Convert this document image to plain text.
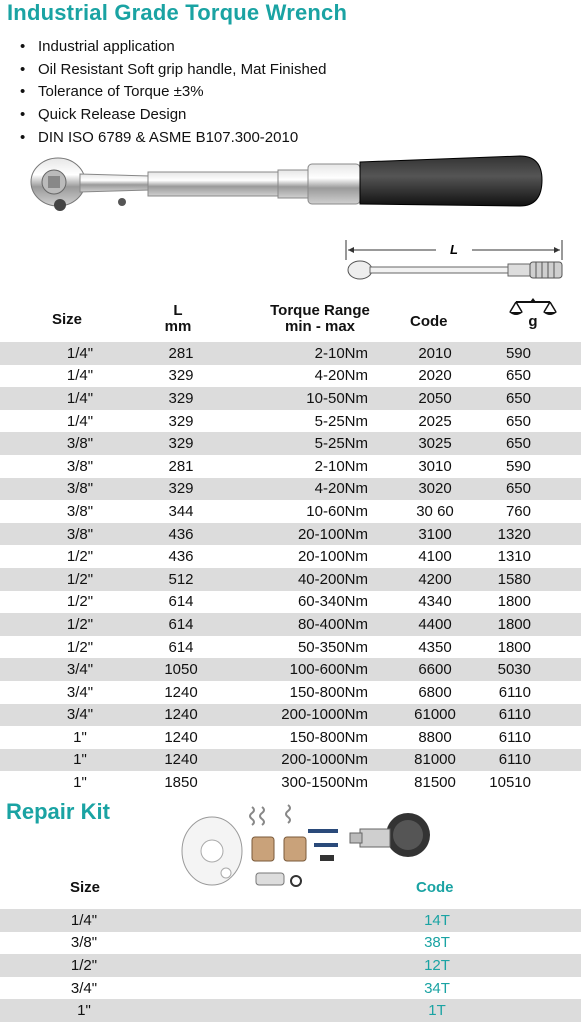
Industrial Grade Torque Wrench
• Industrial application
• Oil Resistant Soft grip handle, Mat Finished
• Tolerance of Torque ±3%
• Quick Release Design
• DIN ISO 6789 & ASME B107.300-2010
L
Size
L
mm
Torque Range
min - max	Code	g
1/4"	281	2-10Nm	2010	590
1/4"	329	4-20Nm	2020	650
1/4"	329	10-50Nm	2050	650
1/4"	329	5-25Nm	2025	650
3/8"	329	5-25Nm	3025	650
3/8"	281	2-10Nm	3010	590
3/8"	329	4-20Nm	3020	650
3/8"	344	10-60Nm	30 60	760
3/8"	436	20-100Nm	3100	1320
1/2"	436	20-100Nm	4100	1310
1/2"	512	40-200Nm	4200	1580
1/2"	614	60-340Nm	4340	1800
1/2"	614	80-400Nm	4400	1800
1/2"	614	50-350Nm	4350	1800
3/4"	1050	100-600Nm	6600	5030
3/4"	1240	150-800Nm	6800	6110
3/4"	1240	200-1000Nm	61000	6110
1"	1240	150-800Nm	8800	6110
1"	1240	200-1000Nm	81000	6110
1"	1850	300-1500Nm	81500	10510
Repair Kit
Size	Code
1/4"	14T
3/8"	38T
1/2"	12T
3/4"	34T
1"	1T
